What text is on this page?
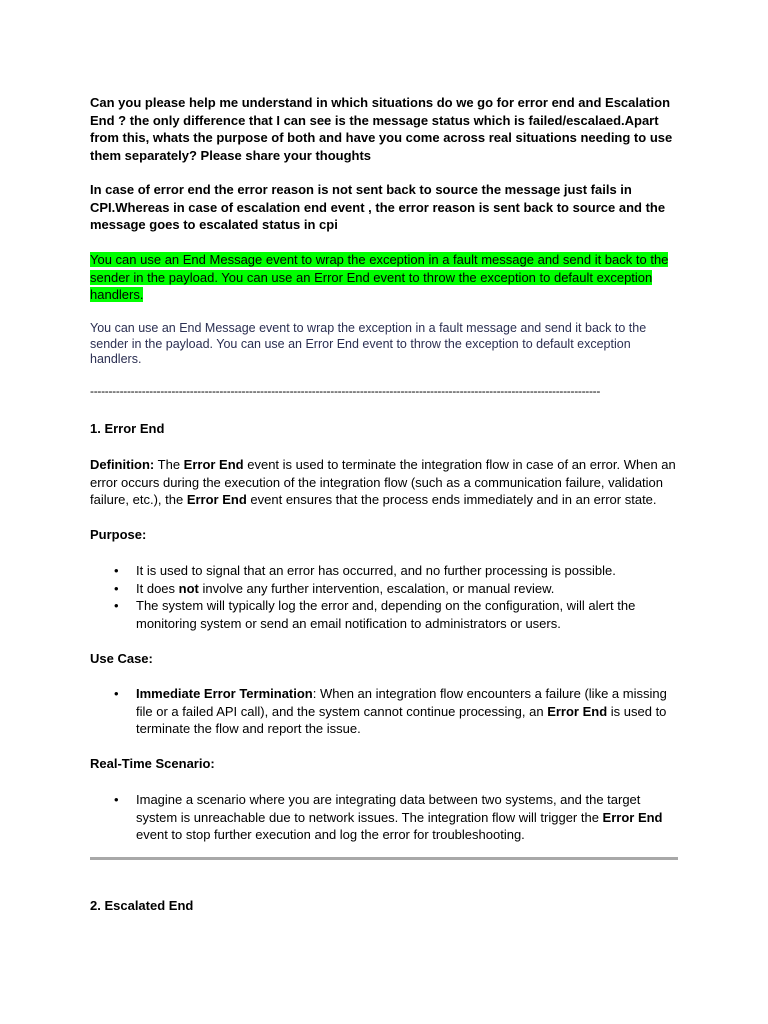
Can you please help me understand in which situations do we go for error end and Escalation End ? the only difference that I can see is the message status which is failed/escalaed.Apart from this, whats the purpose of both and have you come across real situations needing to use them separately? Please share your thoughts
In case of error end the error reason is not sent back to source the message just fails in CPI.Whereas in case of escalation end event , the error reason is sent back to source and the message goes to escalated status in cpi
You can use an End Message event to wrap the exception in a fault message and send it back to the sender in the payload. You can use an Error End event to throw the exception to default exception handlers.
You can use an End Message event to wrap the exception in a fault message and send it back to the sender in the payload. You can use an Error End event to throw the exception to default exception handlers.
------------------------------------------------------------------------------------------------------------------------------------------
1. Error End
Definition: The Error End event is used to terminate the integration flow in case of an error. When an error occurs during the execution of the integration flow (such as a communication failure, validation failure, etc.), the Error End event ensures that the process ends immediately and in an error state.
Purpose:
• It is used to signal that an error has occurred, and no further processing is possible.
• It does not involve any further intervention, escalation, or manual review.
• The system will typically log the error and, depending on the configuration, will alert the monitoring system or send an email notification to administrators or users.
Use Case:
• Immediate Error Termination: When an integration flow encounters a failure (like a missing file or a failed API call), and the system cannot continue processing, an Error End is used to terminate the flow and report the issue.
Real-Time Scenario:
• Imagine a scenario where you are integrating data between two systems, and the target system is unreachable due to network issues. The integration flow will trigger the Error End event to stop further execution and log the error for troubleshooting.
2. Escalated End
